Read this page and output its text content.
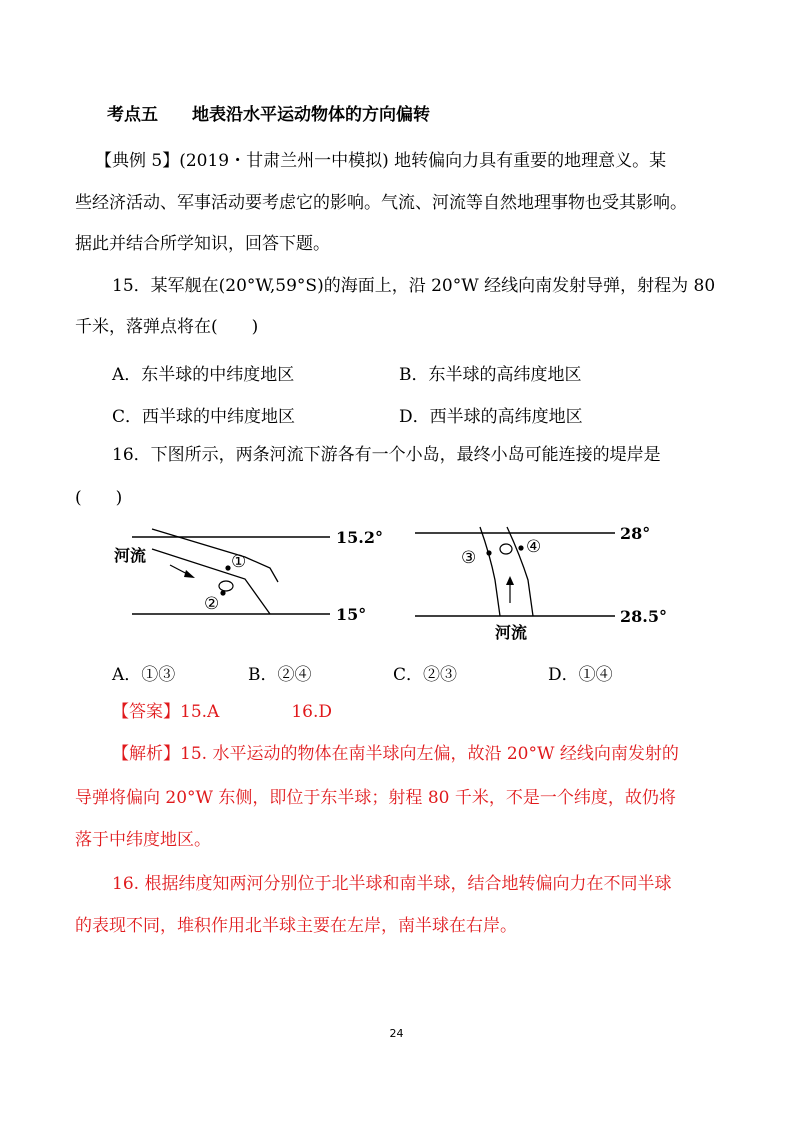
考点五 地表沿水平运动物体的方向偏转
【典例 5】(2019・甘肃兰州一中模拟) 地转偏向力具有重要的地理意义。某
些经济活动、军事活动要考虑它的影响。气流、河流等自然地理事物也受其影响。
据此并结合所学知识，回答下题。
15．某军舰在(20°W,59°S)的海面上，沿 20°W 经线向南发射导弹，射程为 80
千米，落弹点将在(　　)
A．东半球的中纬度地区	B．东半球的高纬度地区
C．西半球的中纬度地区	D．西半球的高纬度地区
16．下图所示，两条河流下游各有一个小岛，最终小岛可能连接的堤岸是
(　　)
河流
15.2°
15°
①
②
③
④
河流
28°
28.5°
A．①③	B．②④	C．②③	D．①④
【答案】15.A	16.D
【解析】15. 水平运动的物体在南半球向左偏，故沿 20°W 经线向南发射的
导弹将偏向 20°W 东侧，即位于东半球；射程 80 千米，不是一个纬度，故仍将
落于中纬度地区。
16. 根据纬度知两河分别位于北半球和南半球，结合地转偏向力在不同半球
的表现不同，堆积作用北半球主要在左岸，南半球在右岸。
24
